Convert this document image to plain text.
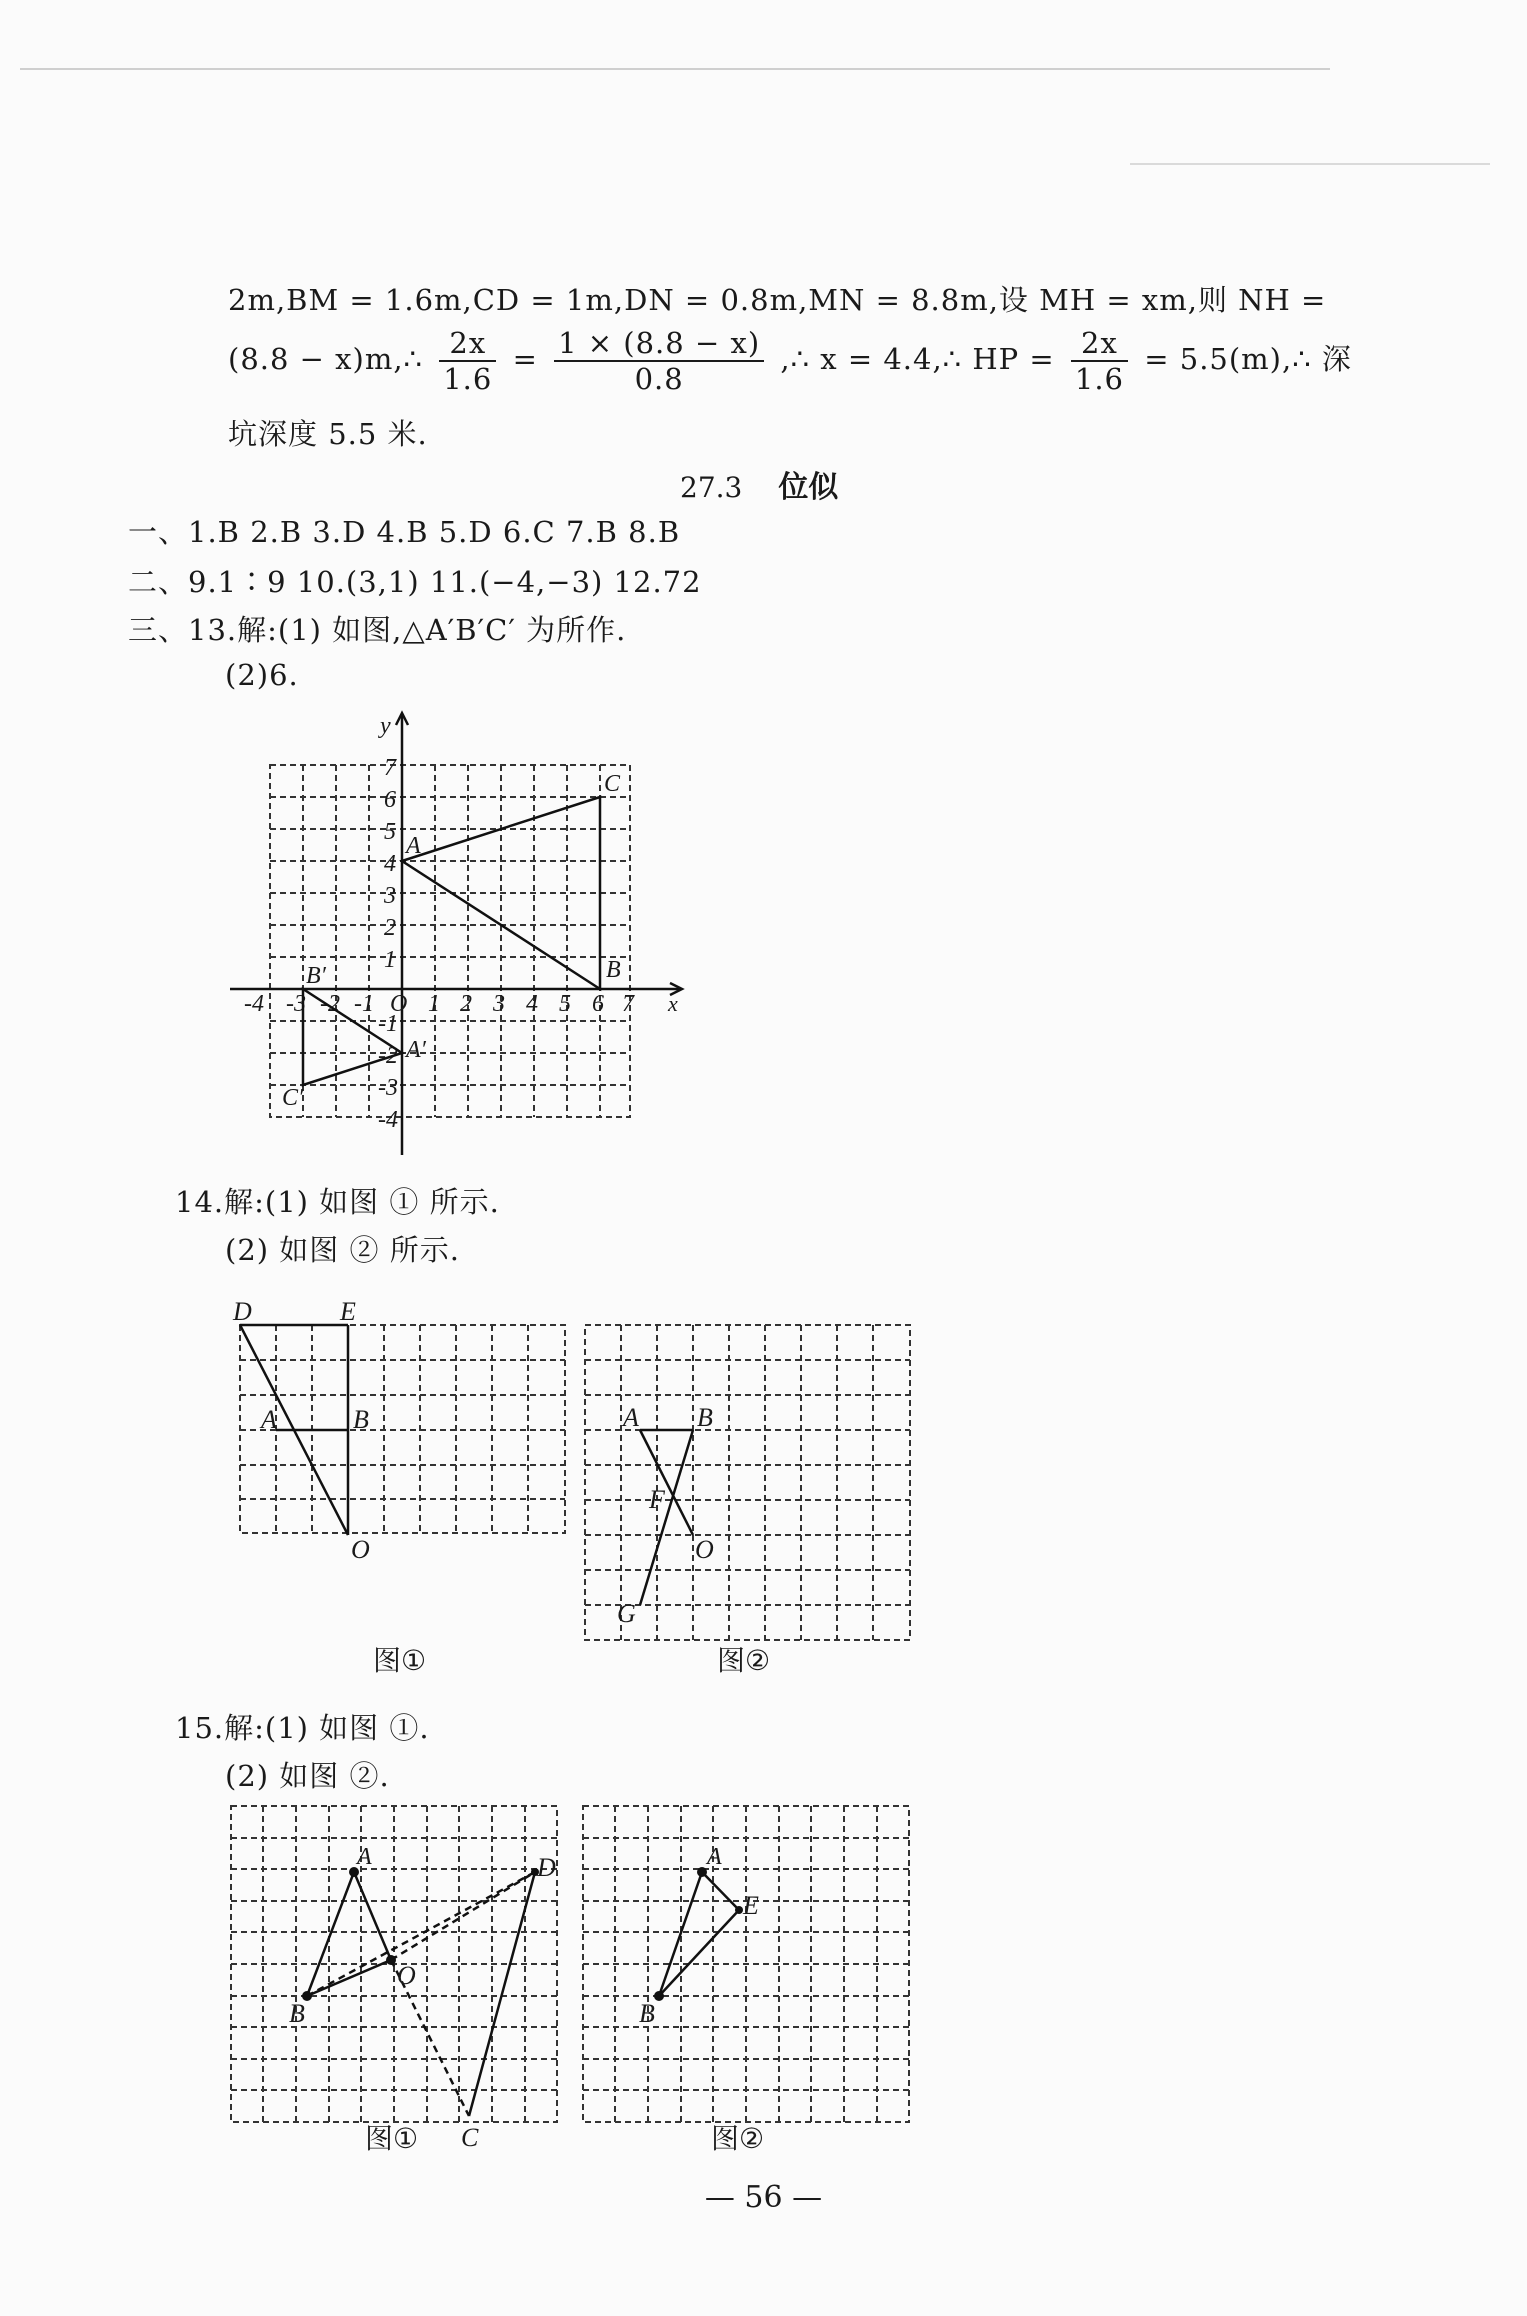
2m,BM = 1.6m,CD = 1m,DN = 0.8m,MN = 8.8m,设 MH = xm,则 NH =
(8.8 − x)m,∴ $\frac{2x}{1.6} = \frac{1 \times (8.8 - x)}{0.8}$ ,∴ x = 4.4,∴ HP = $\frac{2x}{1.6}$ = 5.5(m),∴ 深
坑深度 5.5 米.
27.3 位似
一、1.B 2.B 3.D 4.B 5.D 6.C 7.B 8.B
二、9.1∶9 10.(3,1) 11.(−4,−3) 12.72
三、13.解:(1) 如图,△A′B′C′ 为所作.
(2)6.
x
y
O
-4 -3 -2 -1 1 2 3 4 5 6 7
7
6
5
4
3
2
1
-1
-2
-3
-4
A
B
C
A′
B′
C′
14.解:(1) 如图 ① 所示.
(2) 如图 ② 所示.
D	E
A	B
O
图①
A B
F
O
G
图②
15.解:(1) 如图 ①.
(2) 如图 ②.
A
B
O
D
C
图①
A
B
E
图②
— 56 —
